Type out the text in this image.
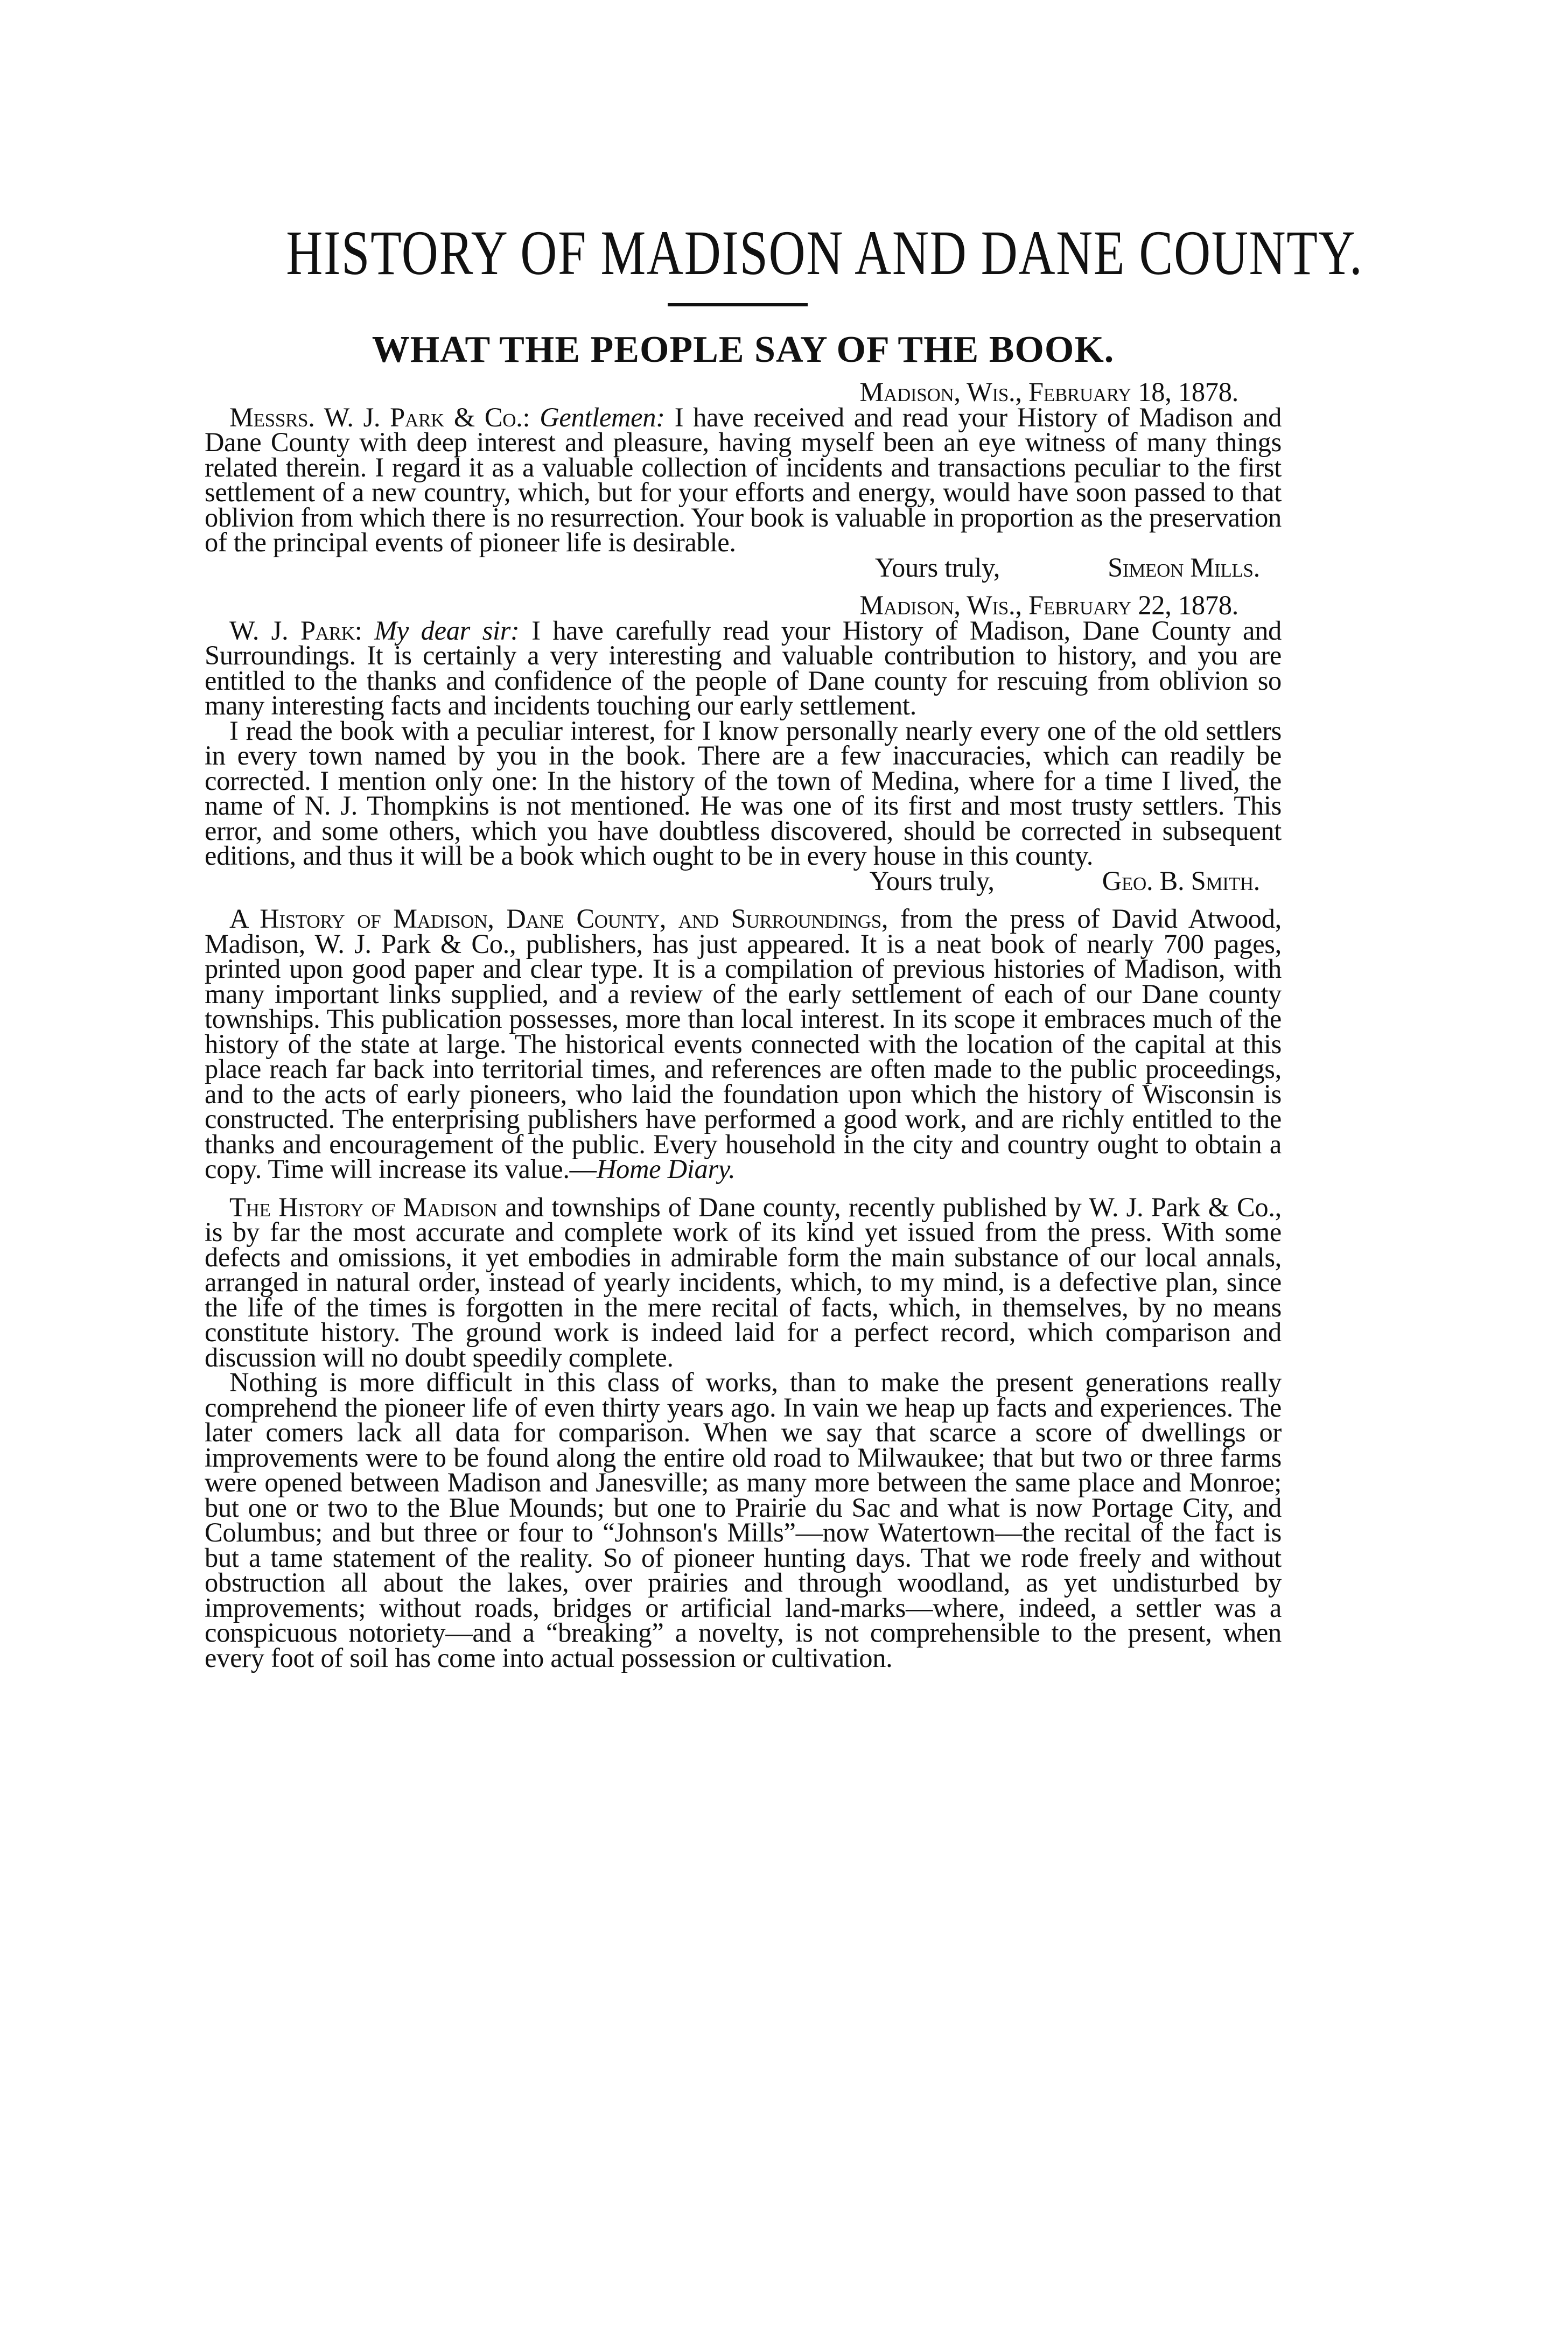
HISTORY OF MADISON AND DANE COUNTY.
WHAT THE PEOPLE SAY OF THE BOOK.

Madison, Wis., February 18, 1878.

Messrs. W. J. Park & Co.: Gentlemen: I have received and read your History of Madison and Dane County with deep interest and pleasure, having myself been an eye witness of many things related therein. I regard it as a valuable collection of incidents and transactions peculiar to the first settlement of a new country, which, but for your efforts and energy, would have soon passed to that oblivion from which there is no resurrection. Your book is valuable in proportion as the preservation of the principal events of pioneer life is desirable.

Yours truly,	Simeon Mills.

Madison, Wis., February 22, 1878.

W. J. Park: My dear sir: I have carefully read your History of Madison, Dane County and Surroundings. It is certainly a very interesting and valuable contribution to history, and you are entitled to the thanks and confidence of the people of Dane county for rescuing from oblivion so many interesting facts and incidents touching our early settlement.

I read the book with a peculiar interest, for I know personally nearly every one of the old settlers in every town named by you in the book. There are a few inaccuracies, which can readily be corrected. I mention only one: In the history of the town of Medina, where for a time I lived, the name of N. J. Thompkins is not mentioned. He was one of its first and most trusty settlers. This error, and some others, which you have doubtless discovered, should be corrected in subsequent editions, and thus it will be a book which ought to be in every house in this county.

Yours truly,	Geo. B. Smith.

A History of Madison, Dane County, and Surroundings, from the press of David Atwood, Madison, W. J. Park & Co., publishers, has just appeared. It is a neat book of nearly 700 pages, printed upon good paper and clear type. It is a compilation of previous histories of Madison, with many important links supplied, and a review of the early settlement of each of our Dane county townships. This publication possesses, more than local interest. In its scope it embraces much of the history of the state at large. The historical events connected with the location of the capital at this place reach far back into territorial times, and references are often made to the public proceedings, and to the acts of early pioneers, who laid the foundation upon which the history of Wisconsin is constructed. The enterprising publishers have performed a good work, and are richly entitled to the thanks and encouragement of the public. Every household in the city and country ought to obtain a copy. Time will increase its value.—Home Diary.

The History of Madison and townships of Dane county, recently published by W. J. Park & Co., is by far the most accurate and complete work of its kind yet issued from the press. With some defects and omissions, it yet embodies in admirable form the main substance of our local annals, arranged in natural order, instead of yearly incidents, which, to my mind, is a defective plan, since the life of the times is forgotten in the mere recital of facts, which, in themselves, by no means constitute history. The ground work is indeed laid for a perfect record, which comparison and discussion will no doubt speedily complete.

Nothing is more difficult in this class of works, than to make the present generations really comprehend the pioneer life of even thirty years ago. In vain we heap up facts and experiences. The later comers lack all data for comparison. When we say that scarce a score of dwellings or improvements were to be found along the entire old road to Milwaukee; that but two or three farms were opened between Madison and Janesville; as many more between the same place and Monroe; but one or two to the Blue Mounds; but one to Prairie du Sac and what is now Portage City, and Columbus; and but three or four to “Johnson's Mills”—now Watertown—the recital of the fact is but a tame statement of the reality. So of pioneer hunting days. That we rode freely and without obstruction all about the lakes, over prairies and through woodland, as yet undisturbed by improvements; without roads, bridges or artificial land-marks—where, indeed, a settler was a conspicuous notoriety—and a “breaking” a novelty, is not comprehensible to the present, when every foot of soil has come into actual possession or cultivation.
